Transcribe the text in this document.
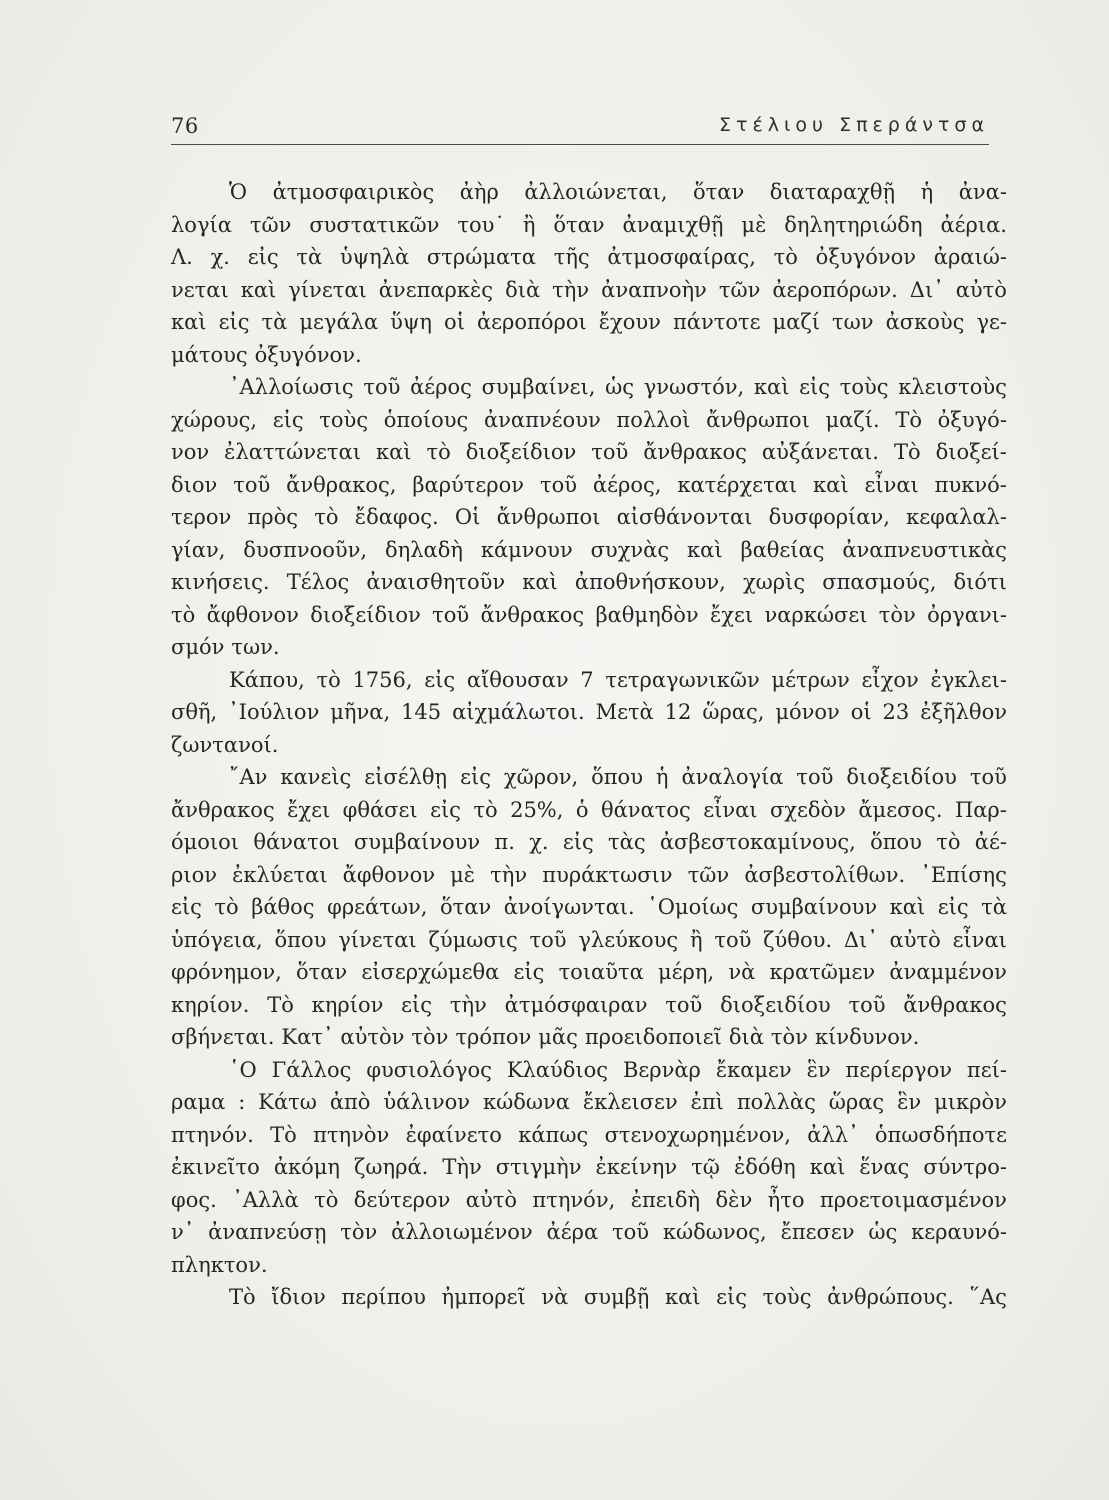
76	Στέλιου Σπεράντσα
Ὁ ἀτμοσφαιρικὸς ἀὴρ ἀλλοιώνεται, ὅταν διαταραχθῇ ἡ ἀνα-
λογία τῶν συστατικῶν του˙ ἢ ὅταν ἀναμιχθῇ μὲ δηλητηριώδη ἀέρια.
Λ. χ. εἰς τὰ ὑψηλὰ στρώματα τῆς ἀτμοσφαίρας, τὸ ὀξυγόνον ἀραιώ-
νεται καὶ γίνεται ἀνεπαρκὲς διὰ τὴν ἀναπνοὴν τῶν ἀεροπόρων. Δι᾽ αὐτὸ
καὶ εἰς τὰ μεγάλα ὕψη οἱ ἀεροπόροι ἔχουν πάντοτε μαζί των ἀσκοὺς γε-
μάτους ὀξυγόνον.
᾽Αλλοίωσις τοῦ ἀέρος συμβαίνει, ὡς γνωστόν, καὶ εἰς τοὺς κλειστοὺς
χώρους, εἰς τοὺς ὁποίους ἀναπνέουν πολλοὶ ἄνθρωποι μαζί. Τὸ ὀξυγό-
νον ἐλαττώνεται καὶ τὸ διοξείδιον τοῦ ἄνθρακος αὐξάνεται. Τὸ διοξεί-
διον τοῦ ἄνθρακος, βαρύτερον τοῦ ἀέρος, κατέρχεται καὶ εἶναι πυκνό-
τερον πρὸς τὸ ἔδαφος. Οἱ ἄνθρωποι αἰσθάνονται δυσφορίαν, κεφαλαλ-
γίαν, δυσπνοοῦν, δηλαδὴ κάμνουν συχνὰς καὶ βαθείας ἀναπνευστικὰς
κινήσεις. Τέλος ἀναισθητοῦν καὶ ἀποθνήσκουν, χωρὶς σπασμούς, διότι
τὸ ἄφθονον διοξείδιον τοῦ ἄνθρακος βαθμηδὸν ἔχει ναρκώσει τὸν ὀργανι-
σμόν των.
Κάπου, τὸ 1756, εἰς αἴθουσαν 7 τετραγωνικῶν μέτρων εἶχον ἐγκλει-
σθῆ, ᾽Ιούλιον μῆνα, 145 αἰχμάλωτοι. Μετὰ 12 ὥρας, μόνον οἱ 23 ἐξῆλθον
ζωντανοί.
῎Αν κανεὶς εἰσέλθῃ εἰς χῶρον, ὅπου ἡ ἀναλογία τοῦ διοξειδίου τοῦ
ἄνθρακος ἔχει φθάσει εἰς τὸ 25%, ὁ θάνατος εἶναι σχεδὸν ἄμεσος. Παρ-
όμοιοι θάνατοι συμβαίνουν π. χ. εἰς τὰς ἀσβεστοκαμίνους, ὅπου τὸ ἀέ-
ριον ἐκλύεται ἄφθονον μὲ τὴν πυράκτωσιν τῶν ἀσβεστολίθων. ᾽Επίσης
εἰς τὸ βάθος φρεάτων, ὅταν ἀνοίγωνται. ῾Ομοίως συμβαίνουν καὶ εἰς τὰ
ὑπόγεια, ὅπου γίνεται ζύμωσις τοῦ γλεύκους ἢ τοῦ ζύθου. Δι᾽ αὐτὸ εἶναι
φρόνημον, ὅταν εἰσερχώμεθα εἰς τοιαῦτα μέρη, νὰ κρατῶμεν ἀναμμένον
κηρίον. Τὸ κηρίον εἰς τὴν ἀτμόσφαιραν τοῦ διοξειδίου τοῦ ἄνθρακος
σβήνεται. Κατ᾽ αὐτὸν τὸν τρόπον μᾶς προειδοποιεῖ διὰ τὸν κίνδυνον.
῾Ο Γάλλος φυσιολόγος Κλαύδιος Βερνὰρ ἔκαμεν ἓν περίεργον πεί-
ραμα : Κάτω ἀπὸ ὑάλινον κώδωνα ἔκλεισεν ἐπὶ πολλὰς ὥρας ἓν μικρὸν
πτηνόν. Τὸ πτηνὸν ἐφαίνετο κάπως στενοχωρημένον, ἀλλ᾽ ὁπωσδήποτε
ἐκινεῖτο ἀκόμη ζωηρά. Τὴν στιγμὴν ἐκείνην τῷ ἐδόθη καὶ ἕνας σύντρο-
φος. ᾽Αλλὰ τὸ δεύτερον αὐτὸ πτηνόν, ἐπειδὴ δὲν ἦτο προετοιμασμένον
ν᾽ ἀναπνεύσῃ τὸν ἀλλοιωμένον ἀέρα τοῦ κώδωνος, ἔπεσεν ὡς κεραυνό-
πληκτον.
Τὸ ἴδιον περίπου ἠμπορεῖ νὰ συμβῇ καὶ εἰς τοὺς ἀνθρώπους. ῞Ας
